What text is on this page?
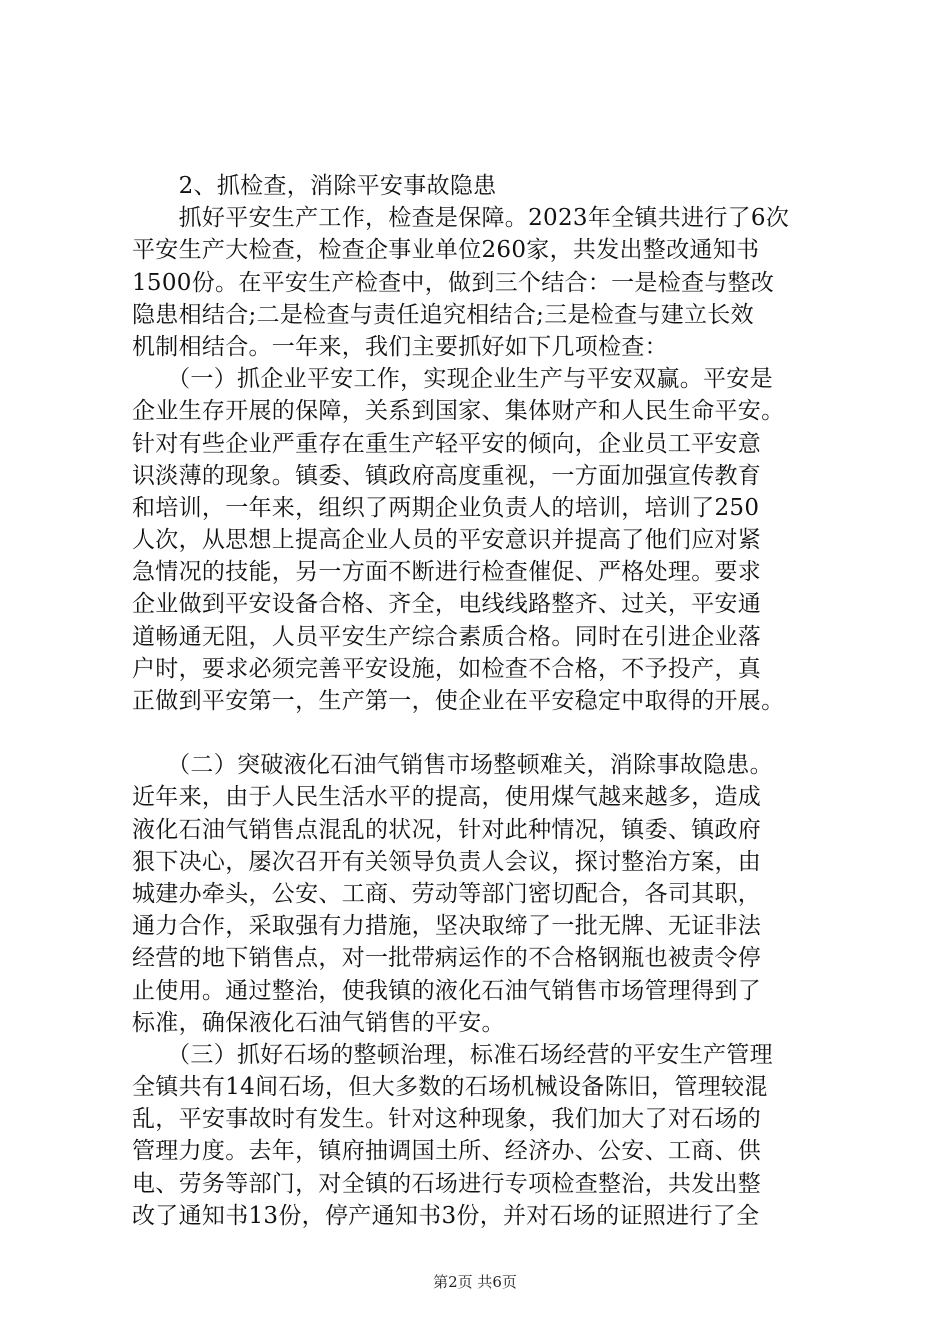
　　2、抓检查，消除平安事故隐患
　　抓好平安生产工作，检查是保障。2023年全镇共进行了6次
平安生产大检查，检查企事业单位260家，共发出整改通知书
1500份。在平安生产检查中，做到三个结合：一是检查与整改
隐患相结合;二是检查与责任追究相结合;三是检查与建立长效
机制相结合。一年来，我们主要抓好如下几项检查：
　　（一）抓企业平安工作，实现企业生产与平安双赢。平安是
企业生存开展的保障，关系到国家、集体财产和人民生命平安。
针对有些企业严重存在重生产轻平安的倾向，企业员工平安意
识淡薄的现象。镇委、镇政府高度重视，一方面加强宣传教育
和培训，一年来，组织了两期企业负责人的培训，培训了250
人次，从思想上提高企业人员的平安意识并提高了他们应对紧
急情况的技能，另一方面不断进行检查催促、严格处理。要求
企业做到平安设备合格、齐全，电线线路整齐、过关，平安通
道畅通无阻，人员平安生产综合素质合格。同时在引进企业落
户时，要求必须完善平安设施，如检查不合格，不予投产，真
正做到平安第一，生产第一，使企业在平安稳定中取得的开展。
　　（二）突破液化石油气销售市场整顿难关，消除事故隐患。
近年来，由于人民生活水平的提高，使用煤气越来越多，造成
液化石油气销售点混乱的状况，针对此种情况，镇委、镇政府
狠下决心，屡次召开有关领导负责人会议，探讨整治方案，由
城建办牵头，公安、工商、劳动等部门密切配合，各司其职，
通力合作，采取强有力措施，坚决取缔了一批无牌、无证非法
经营的地下销售点，对一批带病运作的不合格钢瓶也被责令停
止使用。通过整治，使我镇的液化石油气销售市场管理得到了
标准，确保液化石油气销售的平安。
　　（三）抓好石场的整顿治理，标准石场经营的平安生产管理
全镇共有14间石场，但大多数的石场机械设备陈旧，管理较混
乱，平安事故时有发生。针对这种现象，我们加大了对石场的
管理力度。去年，镇府抽调国土所、经济办、公安、工商、供
电、劳务等部门，对全镇的石场进行专项检查整治，共发出整
改了通知书13份，停产通知书3份，并对石场的证照进行了全
第2页 共6页
